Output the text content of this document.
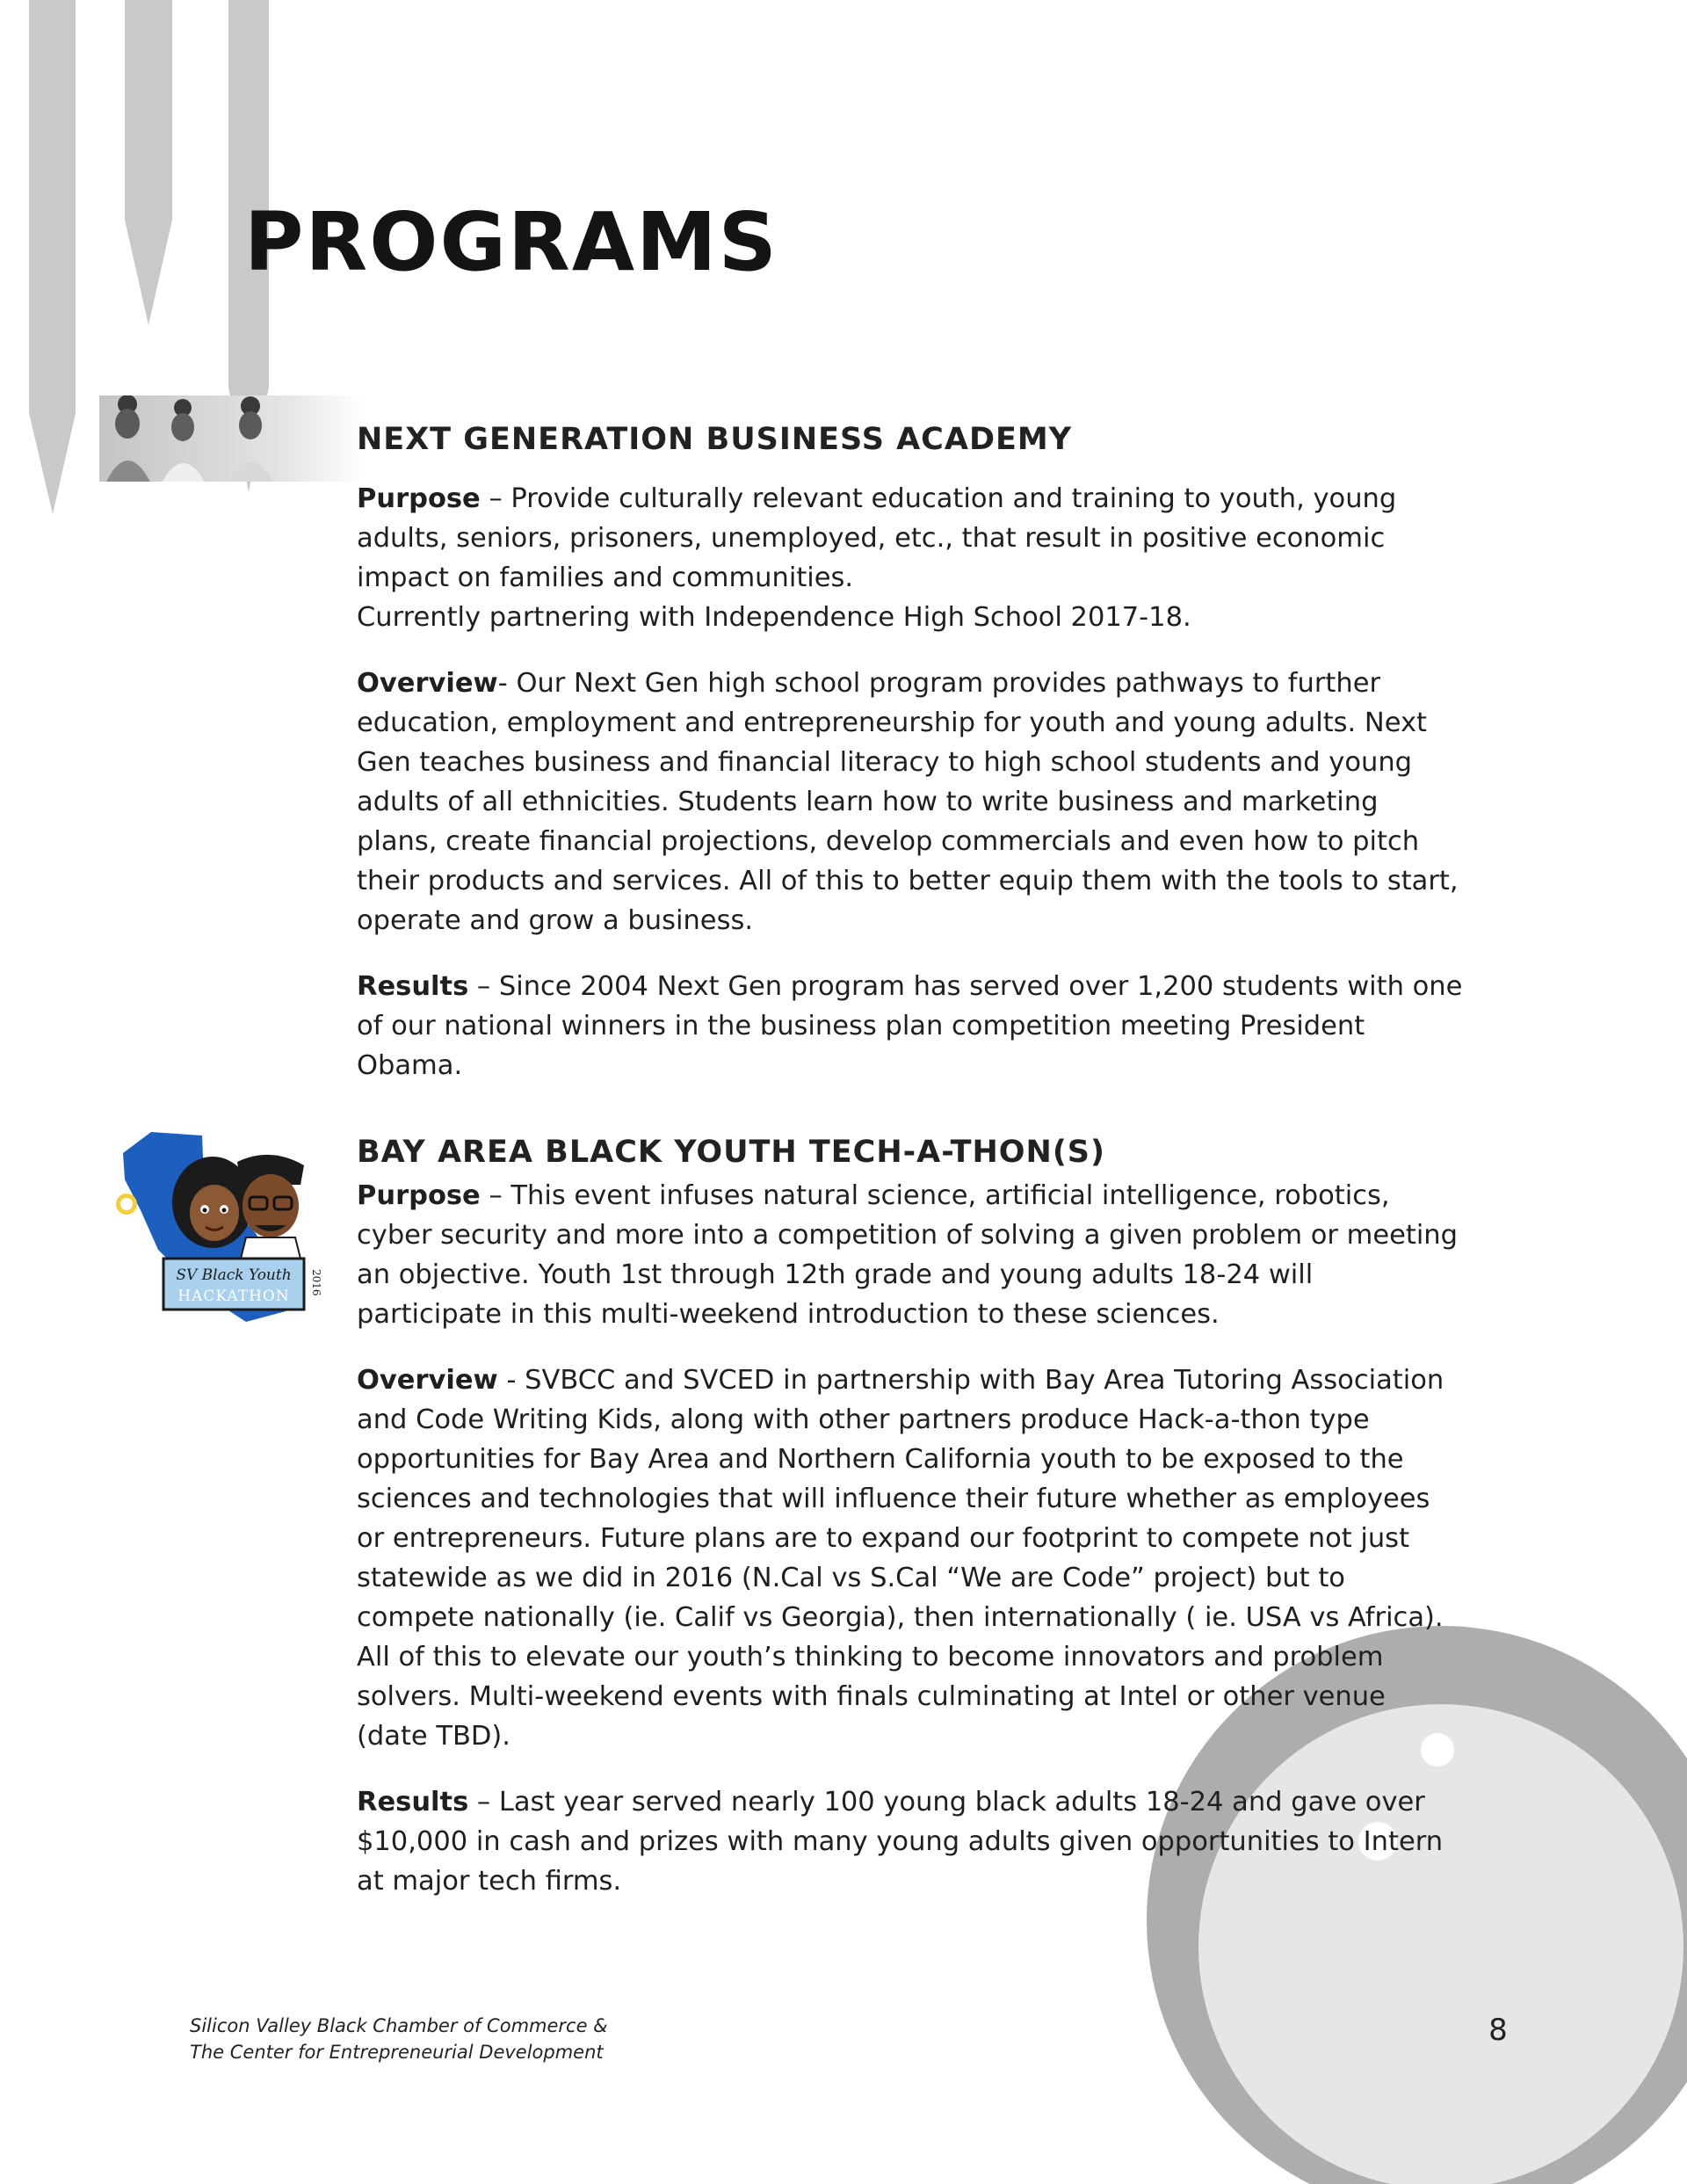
PROGRAMS
NEXT GENERATION BUSINESS ACADEMY

Purpose – Provide culturally relevant education and training to youth, young adults, seniors, prisoners, unemployed, etc., that result in positive economic impact on families and communities.
Currently partnering with Independence High School 2017-18.

Overview- Our Next Gen high school program provides pathways to further education, employment and entrepreneurship for youth and young adults. Next Gen teaches business and financial literacy to high school students and young adults of all ethnicities. Students learn how to write business and marketing plans, create financial projections, develop commercials and even how to pitch their products and services. All of this to better equip them with the tools to start, operate and grow a business.

Results – Since 2004 Next Gen program has served over 1,200 students with one of our national winners in the business plan competition meeting President Obama.

SV Black Youth
HACKATHON
2016
BAY AREA BLACK YOUTH TECH-A-THON(S)

Purpose – This event infuses natural science, artificial intelligence, robotics, cyber security and more into a competition of solving a given problem or meeting an objective. Youth 1st through 12th grade and young adults 18-24 will participate in this multi-weekend introduction to these sciences.

Overview - SVBCC and SVCED in partnership with Bay Area Tutoring Association and Code Writing Kids, along with other partners produce Hack-a-thon type opportunities for Bay Area and Northern California youth to be exposed to the sciences and technologies that will influence their future whether as employees or entrepreneurs. Future plans are to expand our footprint to compete not just statewide as we did in 2016 (N.Cal vs S.Cal “We are Code” project) but to compete nationally (ie. Calif vs Georgia), then internationally ( ie. USA vs Africa). All of this to elevate our youth’s thinking to become innovators and problem solvers. Multi-weekend events with finals culminating at Intel or other venue (date TBD).

Results – Last year served nearly 100 young black adults 18-24 and gave over $10,000 in cash and prizes with many young adults given opportunities to Intern at major tech firms.

Silicon Valley Black Chamber of Commerce &
The Center for Entrepreneurial Development
8
